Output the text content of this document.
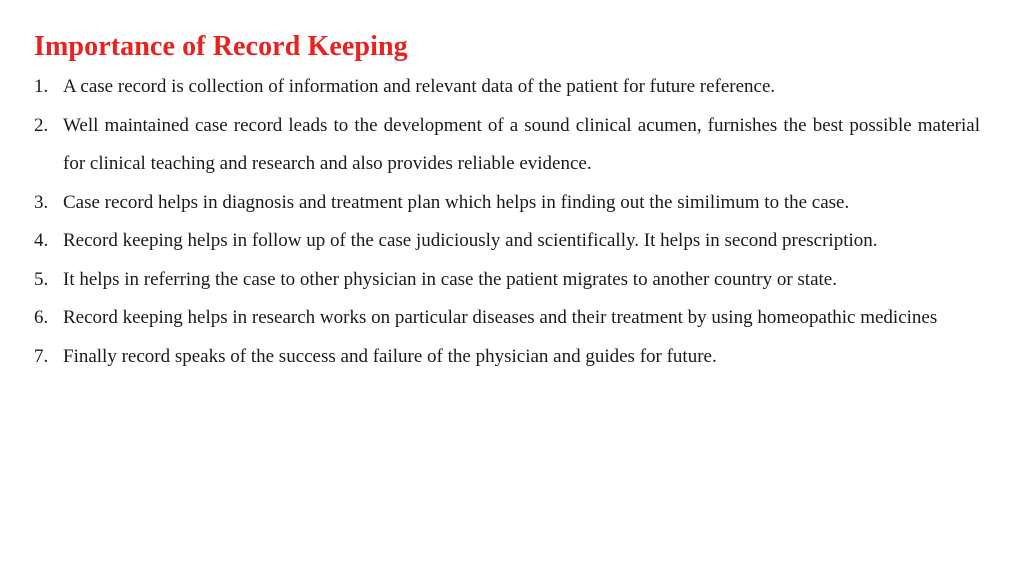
Importance of Record Keeping
1. A case record is collection of information and relevant data of the patient for future reference.
2. Well maintained case record leads to the development of a sound clinical acumen, furnishes the best possible material for clinical teaching and research and also provides reliable evidence.
3. Case record helps in diagnosis and treatment plan which helps in finding out the similimum to the case.
4. Record keeping helps in follow up of the case judiciously and scientifically. It helps in second prescription.
5. It helps in referring the case to other physician in case the patient migrates to another country or state.
6. Record keeping helps in research works on particular diseases and their treatment by using homeopathic medicines
7. Finally record speaks of the success and failure of the physician and guides for future.
